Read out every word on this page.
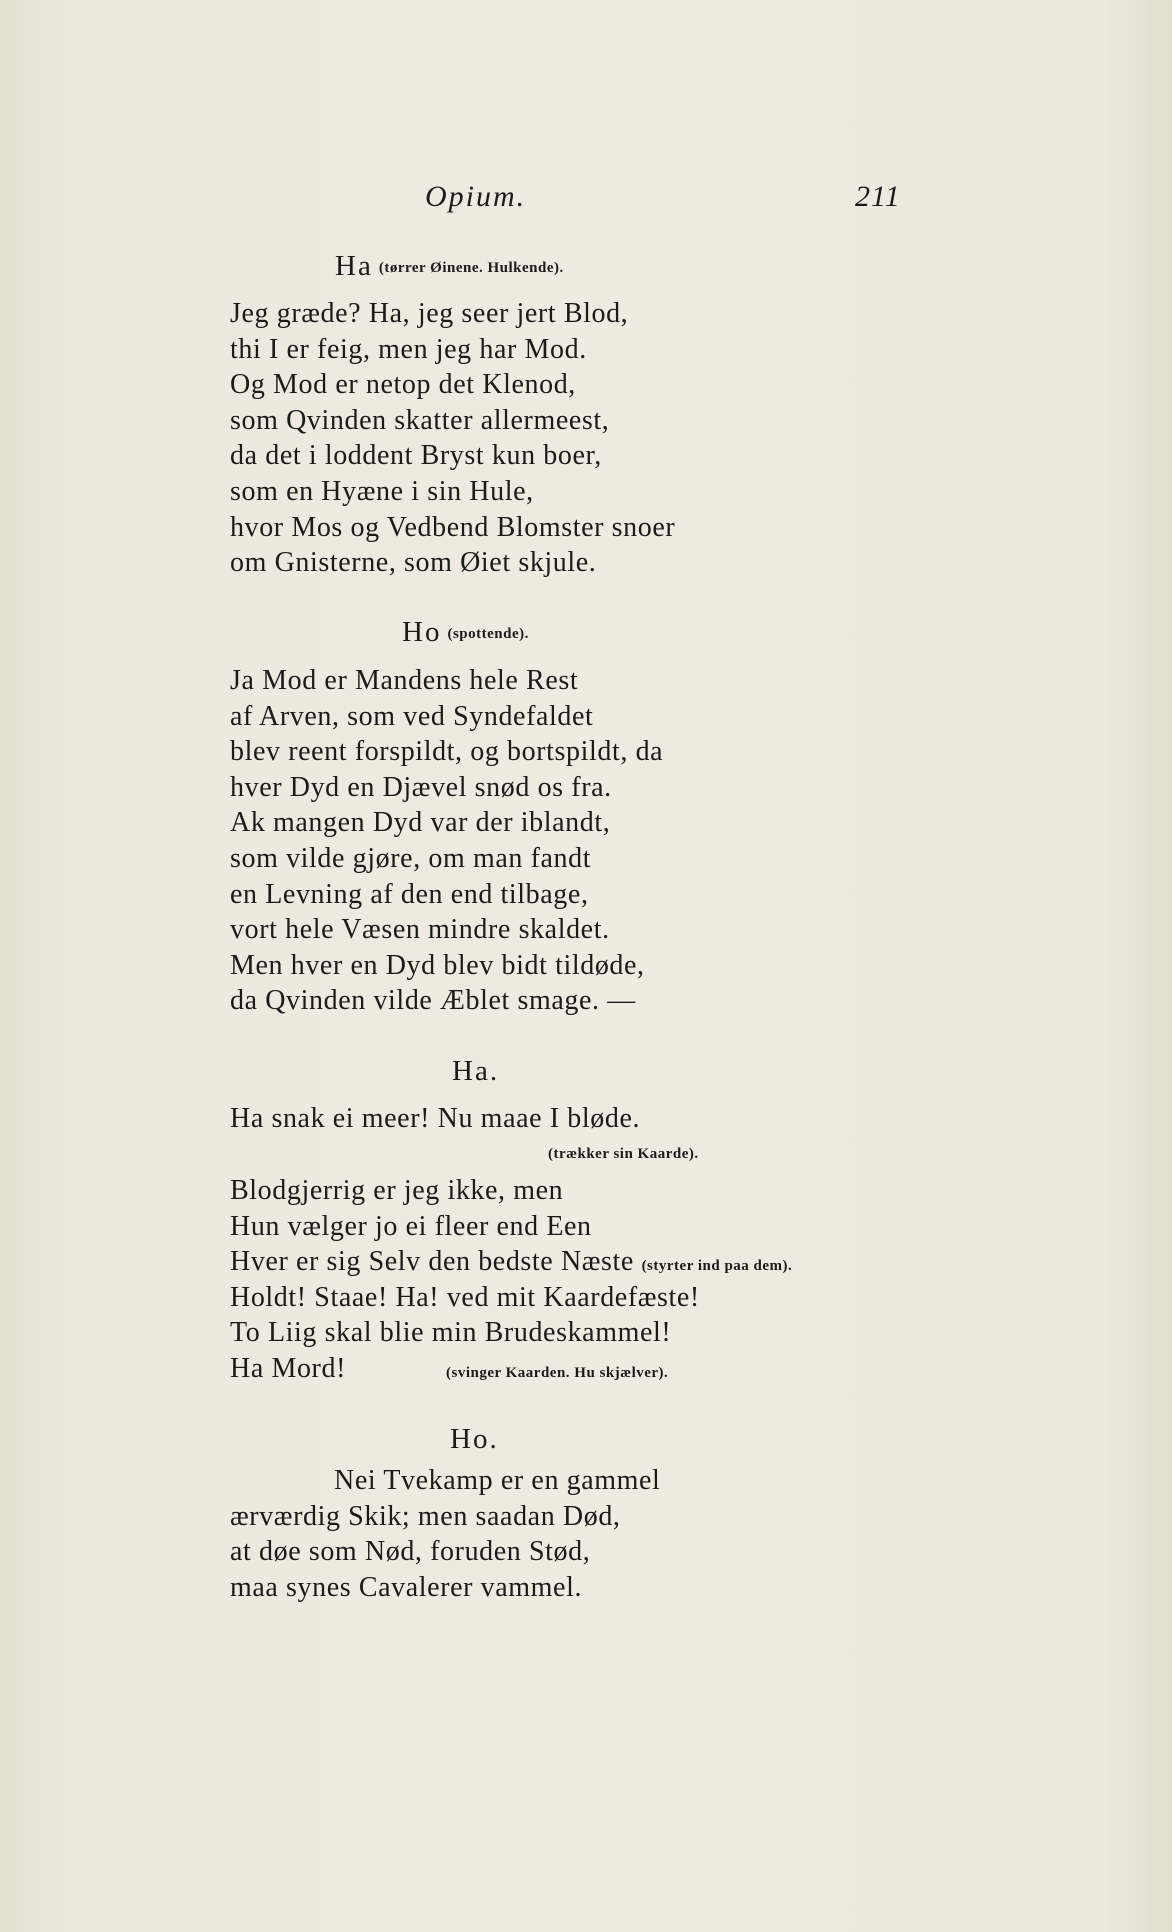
Opium.	211
Ha (tørrer Øinene. Hulkende).
Jeg græde? Ha, jeg seer jert Blod,
thi I er feig, men jeg har Mod.
Og Mod er netop det Klenod,
som Qvinden skatter allermeest,
da det i loddent Bryst kun boer,
som en Hyæne i sin Hule,
hvor Mos og Vedbend Blomster snoer
om Gnisterne, som Øiet skjule.
Ho (spottende).
Ja Mod er Mandens hele Rest
af Arven, som ved Syndefaldet
blev reent forspildt, og bortspildt, da
hver Dyd en Djævel snød os fra.
Ak mangen Dyd var der iblandt,
som vilde gjøre, om man fandt
en Levning af den end tilbage,
vort hele Væsen mindre skaldet.
Men hver en Dyd blev bidt tildøde,
da Qvinden vilde Æblet smage. —
Ha.
Ha snak ei meer! Nu maae I bløde.
(trækker sin Kaarde).
Blodgjerrig er jeg ikke, men
Hun vælger jo ei fleer end Een
Hver er sig Selv den bedste Næste (styrter ind paa dem).
Holdt! Staae! Ha! ved mit Kaardefæste!
To Liig skal blie min Brudeskammel!
Ha Mord!	(svinger Kaarden. Hu skjælver).
Ho.
Nei Tvekamp er en gammel
ærværdig Skik; men saadan Død,
at døe som Nød, foruden Stød,
maa synes Cavalerer vammel.
